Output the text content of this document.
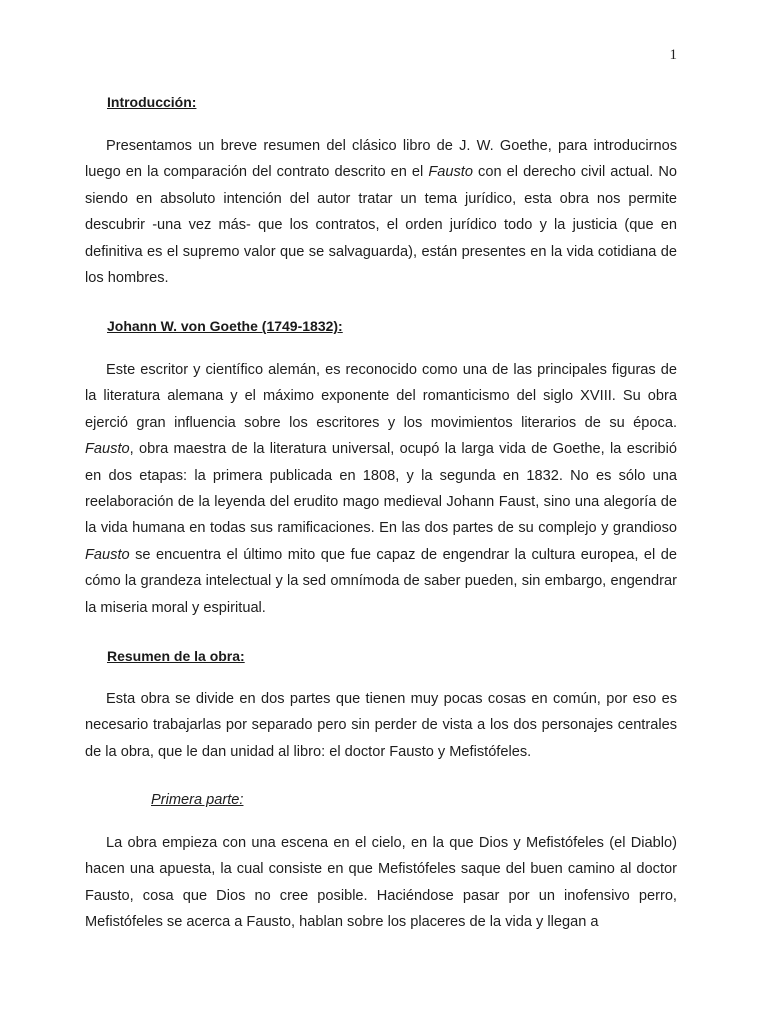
1
Introducción:
Presentamos un breve resumen del clásico libro de J. W. Goethe, para introducirnos luego en la comparación del contrato descrito en el Fausto con el derecho civil actual. No siendo en absoluto intención del autor tratar un tema jurídico, esta obra nos permite descubrir -una vez más- que los contratos, el orden jurídico todo y la justicia (que en definitiva es el supremo valor que se salvaguarda), están presentes en la vida cotidiana de los hombres.
Johann W. von Goethe (1749-1832):
Este escritor y científico alemán, es reconocido como una de las principales figuras de la literatura alemana y el máximo exponente del romanticismo del siglo XVIII. Su obra ejerció gran influencia sobre los escritores y los movimientos literarios de su época. Fausto, obra maestra de la literatura universal, ocupó la larga vida de Goethe, la escribió en dos etapas: la primera publicada en 1808, y la segunda en 1832. No es sólo una reelaboración de la leyenda del erudito mago medieval Johann Faust, sino una alegoría de la vida humana en todas sus ramificaciones. En las dos partes de su complejo y grandioso Fausto se encuentra el último mito que fue capaz de engendrar la cultura europea, el de cómo la grandeza intelectual y la sed omnímoda de saber pueden, sin embargo, engendrar la miseria moral y espiritual.
Resumen de la obra:
Esta obra se divide en dos partes que tienen muy pocas cosas en común, por eso es necesario trabajarlas por separado pero sin perder de vista a los dos personajes centrales de la obra, que le dan unidad al libro: el doctor Fausto y Mefistófeles.
Primera parte:
La obra empieza con una escena en el cielo, en la que Dios y Mefistófeles (el Diablo) hacen una apuesta, la cual consiste en que Mefistófeles saque del buen camino al doctor Fausto, cosa que Dios no cree posible. Haciéndose pasar por un inofensivo perro, Mefistófeles se acerca a Fausto, hablan sobre los placeres de la vida y llegan a
